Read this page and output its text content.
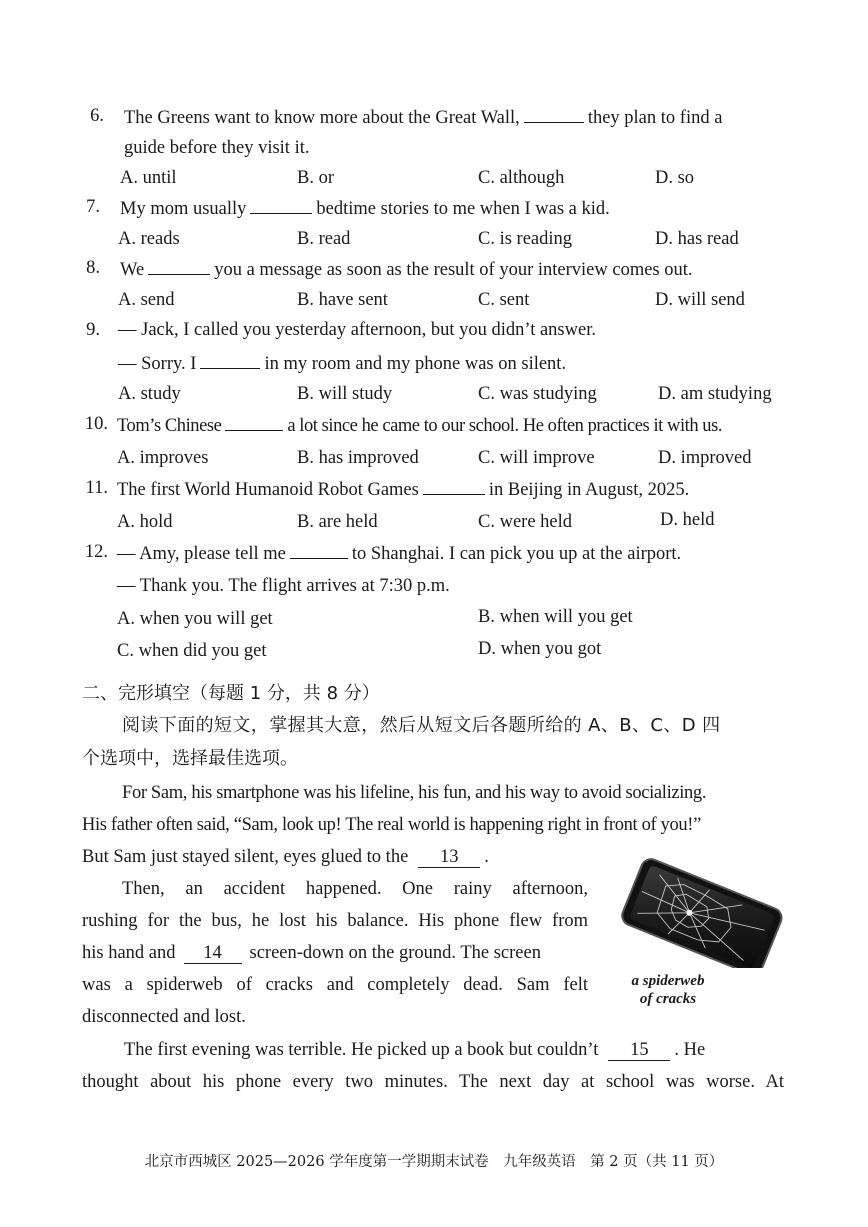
6. The Greens want to know more about the Great Wall,	they plan to find a
guide before they visit it.
A. until	B. or	C. although	D. so
7. My mom usually	bedtime stories to me when I was a kid.
A. reads	B. read	C. is reading	D. has read
8. We	you a message as soon as the result of your interview comes out.
A. send	B. have sent	C. sent	D. will send
9. — Jack, I called you yesterday afternoon, but you didn’t answer.
— Sorry. I	in my room and my phone was on silent.
A. study	B. will study	C. was studying	D. am studying
10. Tom’s Chinese	a lot since he came to our school. He often practices it with us.
A. improves	B. has improved	C. will improve	D. improved
11. The first World Humanoid Robot Games	in Beijing in August, 2025.
A. hold	B. are held	C. were held	D. held
12. — Amy, please tell me	to Shanghai. I can pick you up at the airport.
— Thank you. The flight arrives at 7:30 p.m.
A. when you will get	B. when will you get
C. when did you get	D. when you got
二、完形填空（每题 1 分，共 8 分）
阅读下面的短文，掌握其大意，然后从短文后各题所给的 A、B、C、D 四
个选项中，选择最佳选项。
For Sam, his smartphone was his lifeline, his fun, and his way to avoid socializing.
His father often said, “Sam, look up! The real world is happening right in front of you!”
But Sam just stayed silent, eyes glued to the 13 .
Then, an accident happened. One rainy afternoon,
rushing for the bus, he lost his balance. His phone flew from
his hand and 14 screen-down on the ground. The screen
was a spiderweb of cracks and completely dead. Sam felt
disconnected and lost.
a spiderweb
of cracks
The first evening was terrible. He picked up a book but couldn’t 15 . He
thought about his phone every two minutes. The next day at school was worse. At
北京市西城区 2025—2026 学年度第一学期期末试卷　九年级英语　第 2 页（共 11 页）
